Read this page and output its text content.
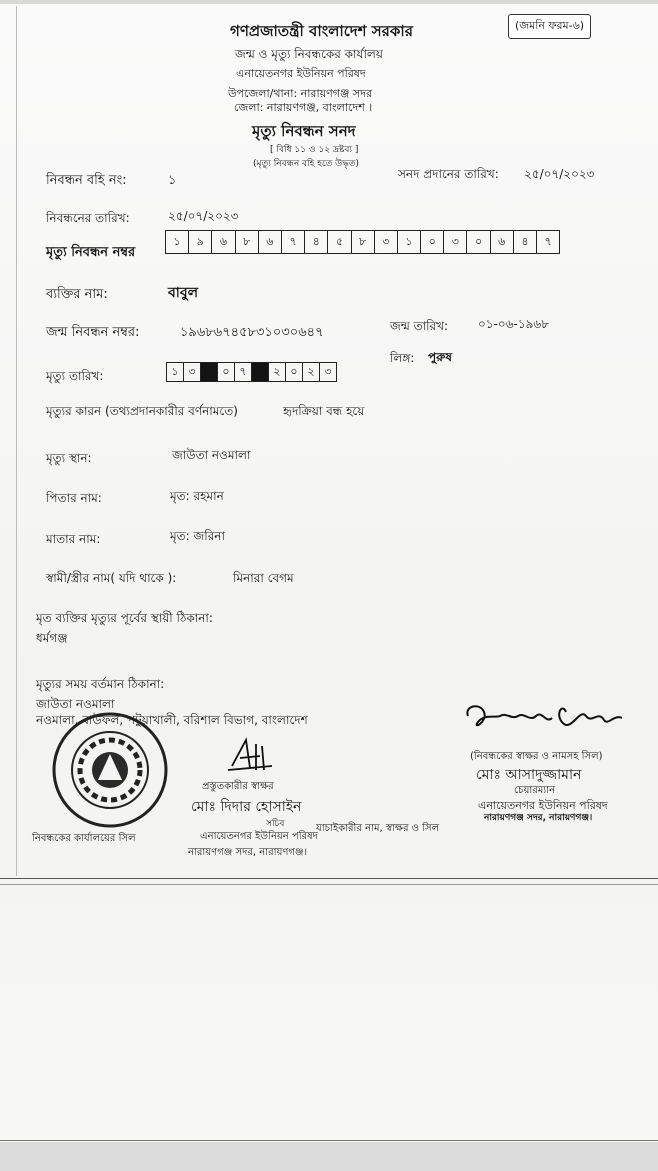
(জমনি ফরম-৬)
গণপ্রজাতন্ত্রী বাংলাদেশ সরকার
জন্ম ও মৃত্যু নিবন্ধকের কার্যালয়
এনায়েতনগর ইউনিয়ন পরিষদ
উপজেলা/থানা: নারায়ণগঞ্জ সদর
জেলা: নারায়ণগঞ্জ, বাংলাদেশ ।
মৃত্যু নিবন্ধন সনদ
[ বিধি ১১ ও ১২ দ্রষ্টব্য ]
(মৃত্যু নিবন্ধন বহি হতে উদ্ধৃত)
নিবন্ধন বহি নং:	১	সনদ প্রদানের তারিখ: ২৫/০৭/২০২৩
নিবন্ধনের তারিখ:	২৫/০৭/২০২৩
মৃত্যু নিবন্ধন নম্বর
১	৯	৬	৮	৬	৭	৪	৫	৮	৩	১	০	৩	০	৬	৪	৭
ব্যক্তির নাম:	বাবুল
জন্ম নিবন্ধন নম্বর:	১৯৬৮৬৭৪৫৮৩১০৩০৬৪৭	জন্ম তারিখ: ০১-০৬-১৯৬৮
লিঙ্গ: পুরুষ
মৃত্যু তারিখ:	১ ৩	০ ৭	২ ০ ২ ৩
মৃত্যুর কারন (তথ্যপ্রদানকারীর বর্ণনামতে)	হৃদক্রিয়া বন্ধ হয়ে
মৃত্যু স্থান:	জাউতা নওমালা
পিতার নাম:	মৃত: রহমান
মাতার নাম:	মৃত: জরিনা
স্বামী/স্ত্রীর নাম( যদি থাকে ):	মিনারা বেগম
মৃত ব্যক্তির মৃত্যুর পূর্বের স্থায়ী ঠিকানা:
ধর্মগঞ্জ
মৃত্যুর সময় বর্তমান ঠিকানা:
জাউতা নওমালা
নওমালা, বাউফল, পটুয়াখালী, বরিশাল বিভাগ, বাংলাদেশ
(নিবন্ধকের স্বাক্ষর ও নামসহ সিল)
মোঃ আসাদুজ্জামান
চেয়ারম্যান
এনায়েতনগর ইউনিয়ন পরিষদ
নারায়ণগঞ্জ সদর, নারায়ণগঞ্জ।
প্রস্তুতকারীর স্বাক্ষর
মোঃ দিদার হোসাইন
সচিব	যাচাইকারীর নাম, স্বাক্ষর ও সিল
নিবন্ধকের কার্যালয়ের সিল	এনায়েতনগর ইউনিয়ন পরিষদ
নারায়ণগঞ্জ সদর, নারায়ণগঞ্জ।
